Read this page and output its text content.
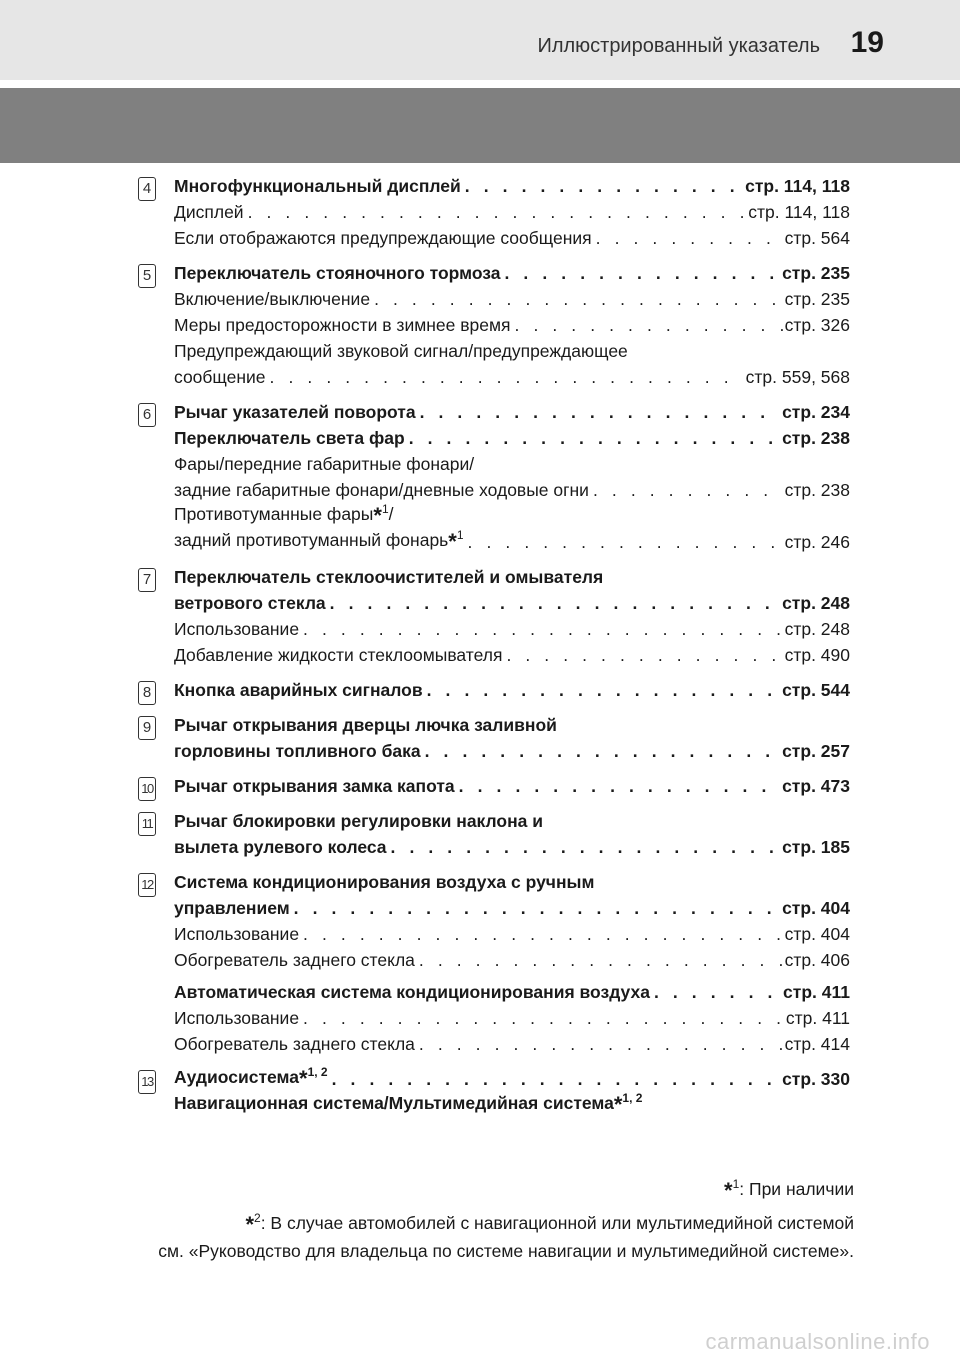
Иллюстрированный указатель 19
4 Многофункциональный дисплей . . .	стр. 114, 118
Дисплей . . .	стр. 114, 118
Если отображаются предупреждающие сообщения . . .	стр. 564
5 Переключатель стояночного тормоза . . .	стр. 235
Включение/выключение . . .	стр. 235
Меры предосторожности в зимнее время . . .	стр. 326
Предупреждающий звуковой сигнал/предупреждающее
сообщение . . .	стр. 559, 568
6 Рычаг указателей поворота . . .	стр. 234
Переключатель света фар . . .	стр. 238
Фары/передние габаритные фонари/
задние габаритные фонари/дневные ходовые огни . . .	стр. 238
Противотуманные фары*$^1$/
задний противотуманный фонарь*$^1$ . . .	стр. 246
7 Переключатель стеклоочистителей и омывателя
ветрового стекла . . .	стр. 248
Использование . . .	стр. 248
Добавление жидкости стеклоомывателя . . .	стр. 490
8 Кнопка аварийных сигналов . . .	стр. 544
9 Рычаг открывания дверцы лючка заливной
горловины топливного бака . . .	стр. 257
10 Рычаг открывания замка капота . . .	стр. 473
11 Рычаг блокировки регулировки наклона и
вылета рулевого колеса . . .	стр. 185
12 Система кондиционирования воздуха с ручным
управлением . . .	стр. 404
Использование . . .	стр. 404
Обогреватель заднего стекла . . .	стр. 406
Автоматическая система кондиционирования воздуха . . .	стр. 411
Использование . . .	стр. 411
Обогреватель заднего стекла . . .	стр. 414
13 Аудиосистема*$^{1, 2}$ . . .	стр. 330
Навигационная система/Мультимедийная система*$^{1, 2}$
*$^1$: При наличии
*$^2$: В случае автомобилей с навигационной или мультимедийной системой
см. «Руководство для владельца по системе навигации и мультимедийной системе».
carmanualsonline.info
